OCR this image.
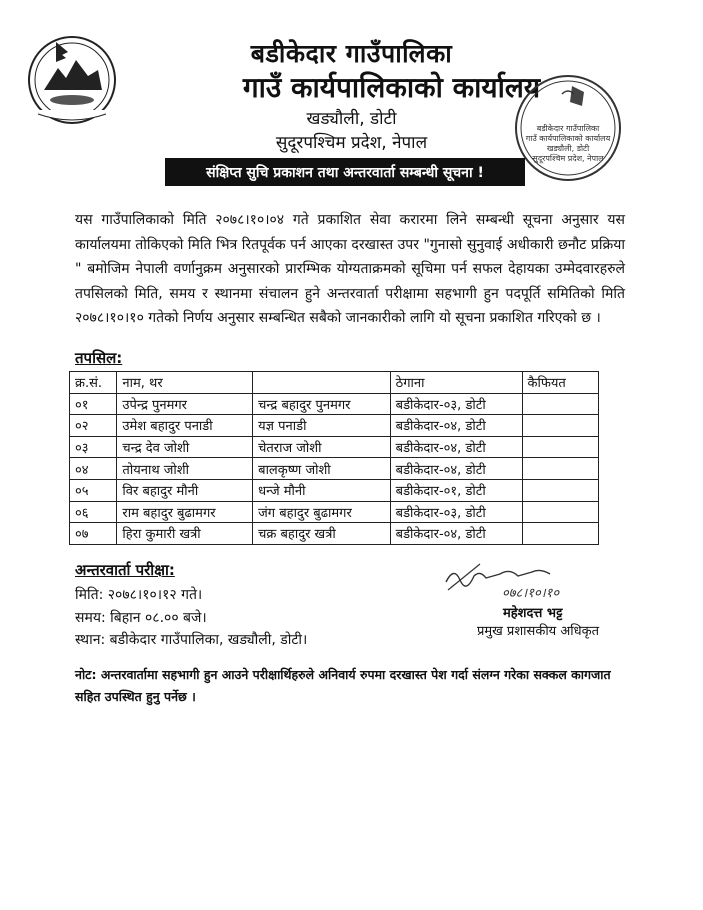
बडीकेदार गाउँपालिका
गाउँ कार्यपालिकाको कार्यालय
खड्यौली, डोटी
सुदूरपश्चिम प्रदेश, नेपाल
बडीकेदार गाउँपालिका
गाउँ कार्यपालिकाको कार्यालय
खड्यौली, डोटी
सुदूरपश्चिम प्रदेश, नेपाल
संक्षिप्त सुचि प्रकाशन तथा अन्तरवार्ता सम्बन्धी सूचना !
यस गाउँपालिकाको मिति २०७८।१०।०४ गते प्रकाशित सेवा करारमा लिने सम्बन्धी सूचना अनुसार यस कार्यालयमा तोकिएको मिति भित्र रितपूर्वक पर्न आएका दरखास्त उपर "गुनासो सुनुवाई अधीकारी छनौट प्रक्रिया " बमोजिम नेपाली वर्णानुक्रम अनुसारको प्रारम्भिक योग्यताक्रमको सूचिमा पर्न सफल देहायका उम्मेदवारहरुले तपसिलको मिति, समय र स्थानमा संचालन हुने अन्तरवार्ता परीक्षामा सहभागी हुन पदपूर्ति समितिको मिति २०७८।१०।१० गतेको निर्णय अनुसार सम्बन्धित सबैको जानकारीको लागि यो सूचना प्रकाशित गरिएको छ ।
तपसिल:
क्र.सं.	नाम, थर		ठेगाना	कैफियत
०१	उपेन्द्र पुनमगर	चन्द्र बहादुर पुनमगर	बडीकेदार-०३, डोटी	
०२	उमेश बहादुर पनाडी	यज्ञ पनाडी	बडीकेदार-०४, डोटी	
०३	चन्द्र देव जोशी	चेतराज जोशी	बडीकेदार-०४, डोटी	
०४	तोयनाथ जोशी	बालकृष्ण जोशी	बडीकेदार-०४, डोटी	
०५	विर बहादुर मौनी	धन्जे मौनी	बडीकेदार-०१, डोटी	
०६	राम बहादुर बुढामगर	जंग बहादुर बुढामगर	बडीकेदार-०३, डोटी	
०७	हिरा कुमारी खत्री	चक्र बहादुर खत्री	बडीकेदार-०४, डोटी	
अन्तरवार्ता परीक्षा:
मिति: २०७८।१०।१२ गते।
समय: बिहान ०८.०० बजे।
स्थान: बडीकेदार गाउँपालिका, खड्यौली, डोटी।
०७८।१०।१०
महेशदत्त भट्ट
प्रमुख प्रशासकीय अधिकृत
नोट: अन्तरवार्तामा सहभागी हुन आउने परीक्षार्थिहरुले अनिवार्य रुपमा दरखास्त पेश गर्दा संलग्न गरेका सक्कल कागजात सहित उपस्थित हुनु पर्नेछ ।
